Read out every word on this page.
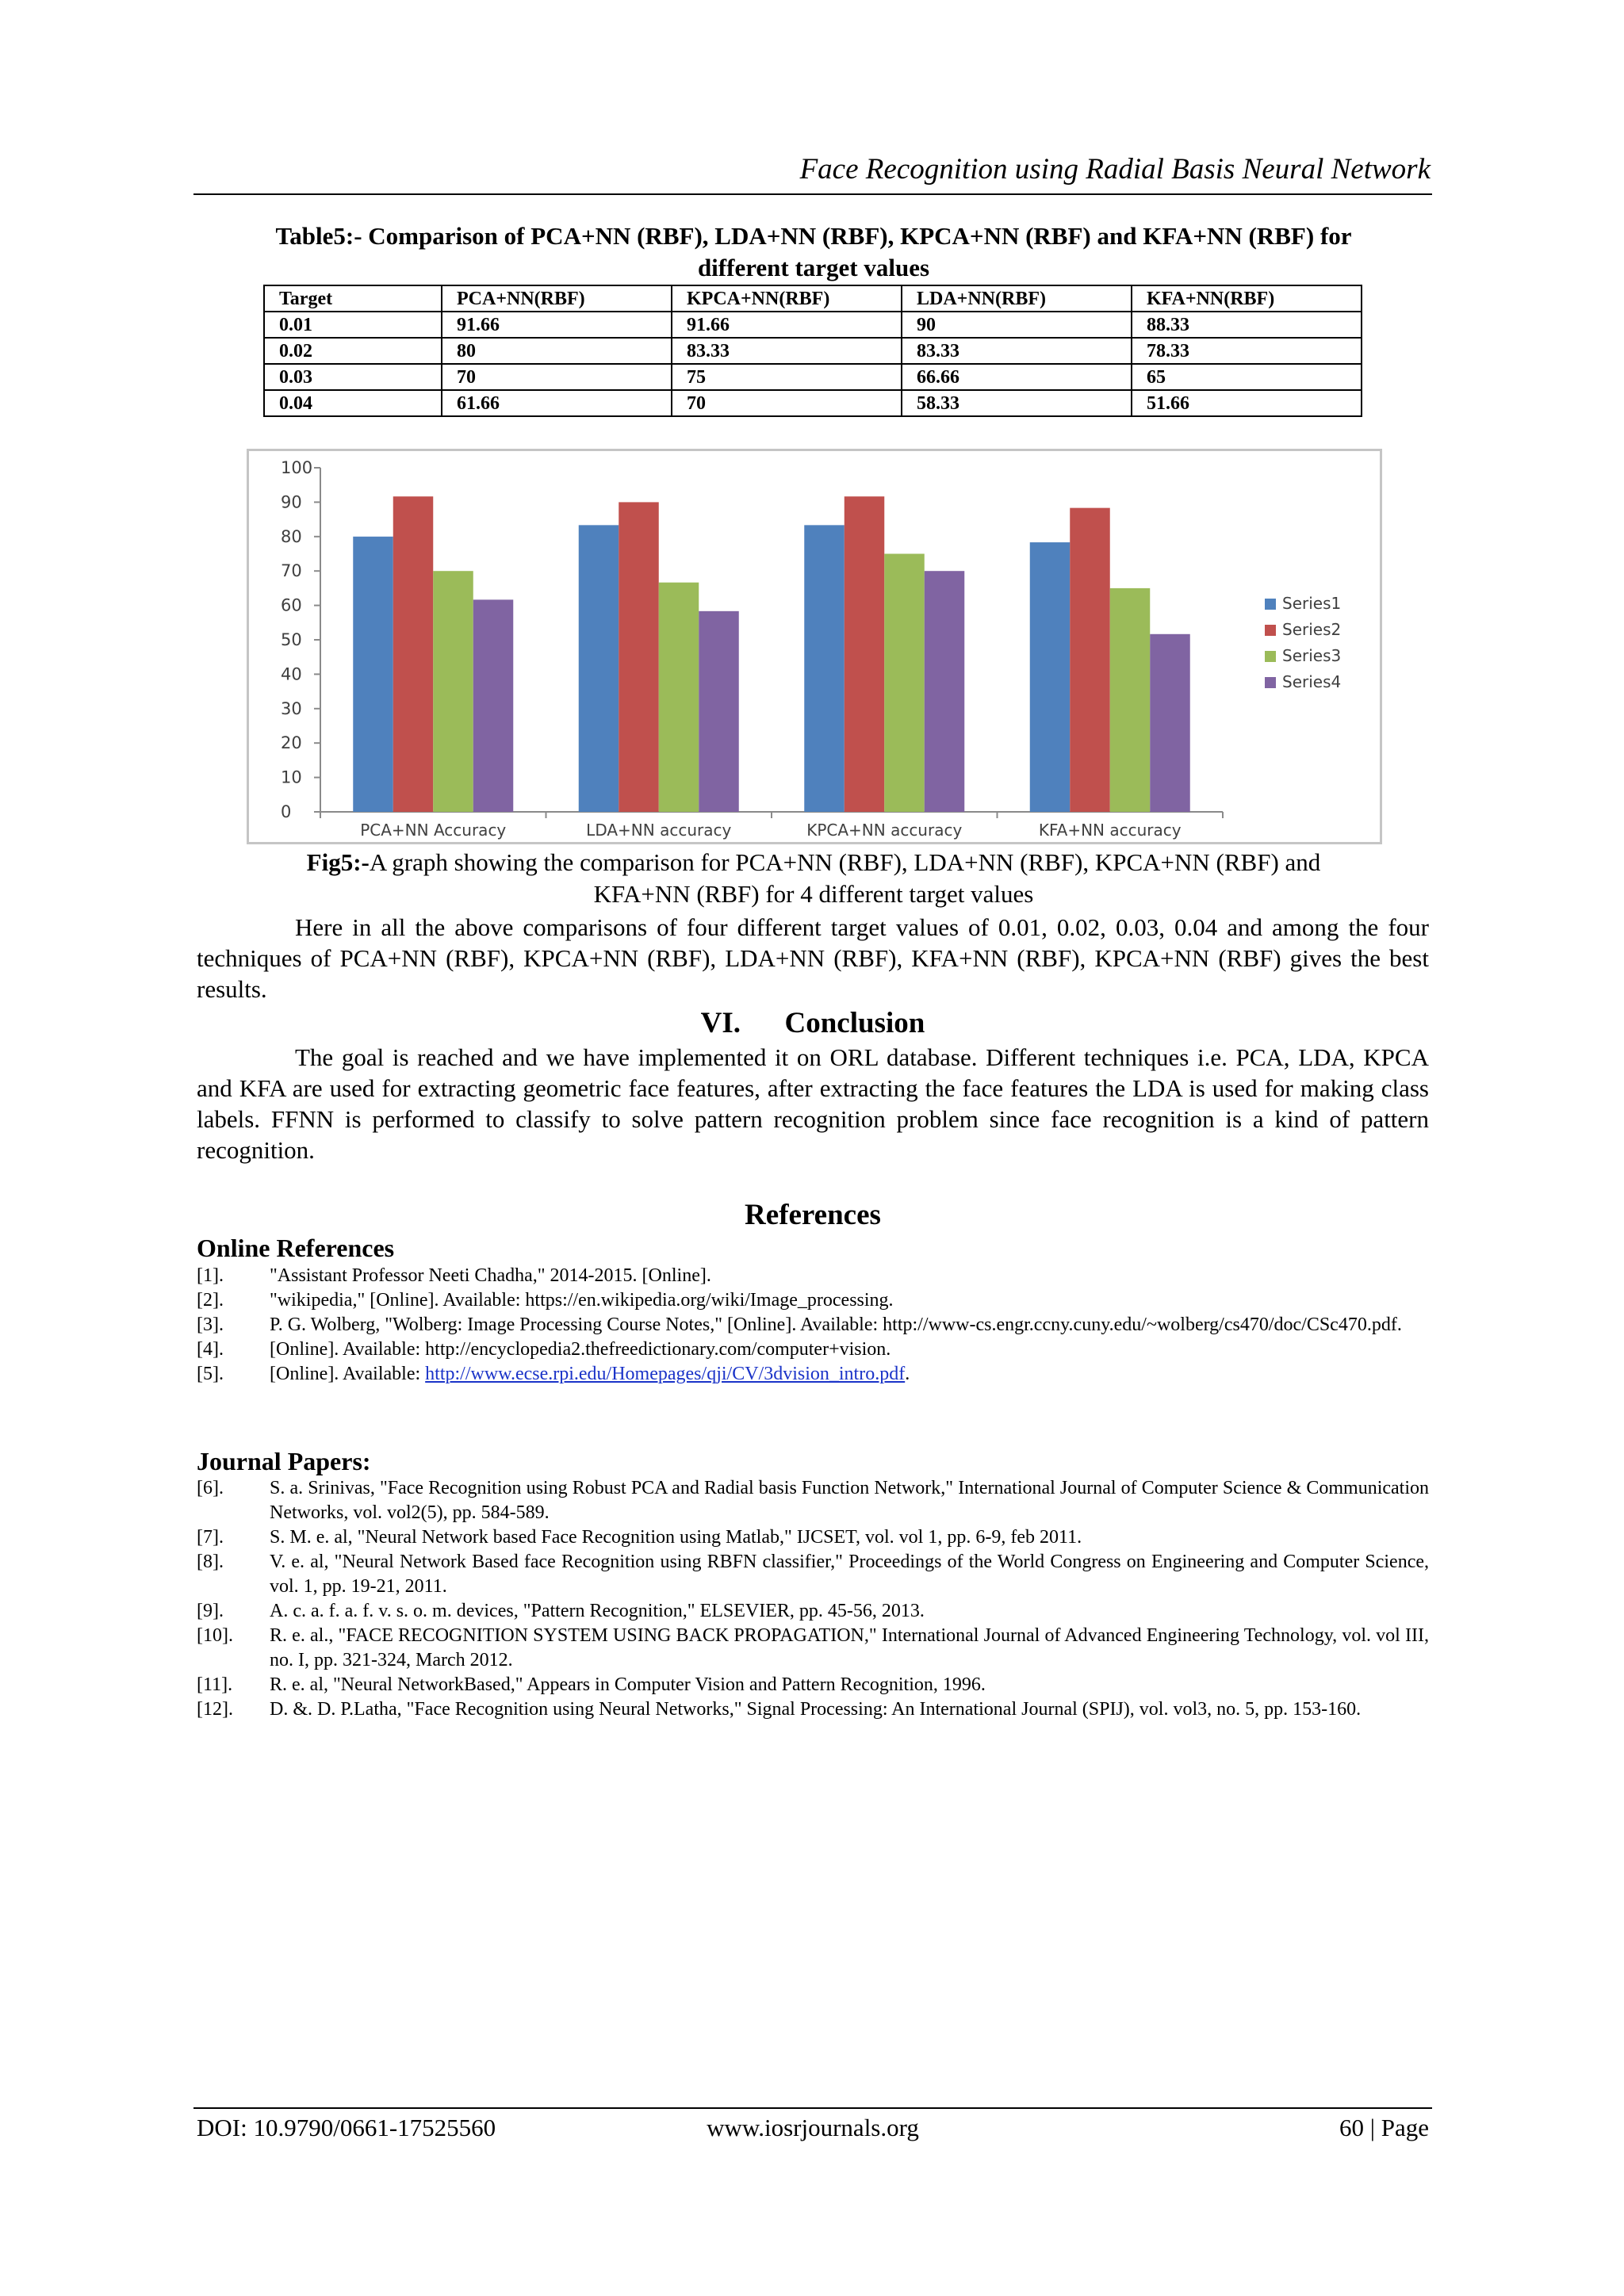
Face Recognition using Radial Basis Neural Network
Table5:- Comparison of PCA+NN (RBF), LDA+NN (RBF), KPCA+NN (RBF) and KFA+NN (RBF) for
different target values
Target	PCA+NN(RBF)	KPCA+NN(RBF)	LDA+NN(RBF)	KFA+NN(RBF)
0.01	91.66	91.66	90	88.33
0.02	80	83.33	83.33	78.33
0.03	70	75	66.66	65
0.04	61.66	70	58.33	51.66
0
10
20
30
40
50
60
70
80
90
100
PCA+NN Accuracy	LDA+NN accuracy	KPCA+NN accuracy	KFA+NN accuracy
Series1
Series2
Series3
Series4
Fig5:-A graph showing the comparison for PCA+NN (RBF), LDA+NN (RBF), KPCA+NN (RBF) and
KFA+NN (RBF) for 4 different target values
Here in all the above comparisons of four different target values of 0.01, 0.02, 0.03, 0.04 and among the four techniques of PCA+NN (RBF), KPCA+NN (RBF), LDA+NN (RBF), KFA+NN (RBF), KPCA+NN (RBF) gives the best results.
VI.      Conclusion
The goal is reached and we have implemented it on ORL database. Different techniques i.e. PCA, LDA, KPCA and KFA are used for extracting geometric face features, after extracting the face features the LDA is used for making class labels. FFNN is performed to classify to solve pattern recognition problem since face recognition is a kind of pattern recognition.
References
Online References
[1].	"Assistant Professor Neeti Chadha," 2014-2015. [Online].
[2].	"wikipedia," [Online]. Available: https://en.wikipedia.org/wiki/Image_processing.
[3].	P. G. Wolberg, "Wolberg: Image Processing Course Notes," [Online]. Available: http://www-cs.engr.ccny.cuny.edu/~wolberg/cs470/doc/CSc470.pdf.
[4].	[Online]. Available: http://encyclopedia2.thefreedictionary.com/computer+vision.
[5].	[Online]. Available: http://www.ecse.rpi.edu/Homepages/qji/CV/3dvision_intro.pdf.
Journal Papers:
[6].	S. a. Srinivas, "Face Recognition using Robust PCA and Radial basis Function Network," International Journal of Computer Science & Communication Networks, vol. vol2(5), pp. 584-589.
[7].	S. M. e. al, "Neural Network based Face Recognition using Matlab," IJCSET, vol. vol 1, pp. 6-9, feb 2011.
[8].	V. e. al, "Neural Network Based face Recognition using RBFN classifier," Proceedings of the World Congress on Engineering and Computer Science, vol. 1, pp. 19-21, 2011.
[9].	A. c. a. f. a. f. v. s. o. m. devices, "Pattern Recognition," ELSEVIER, pp. 45-56, 2013.
[10].	R. e. al., "FACE RECOGNITION SYSTEM USING BACK PROPAGATION," International Journal of Advanced Engineering Technology, vol. vol III, no. I, pp. 321-324, March 2012.
[11].	R. e. al, "Neural NetworkBased," Appears in Computer Vision and Pattern Recognition, 1996.
[12].	D. &. D. P.Latha, "Face Recognition using Neural Networks," Signal Processing: An International Journal (SPIJ), vol. vol3, no. 5, pp. 153-160.
DOI: 10.9790/0661-17525560	www.iosrjournals.org	60 | Page
